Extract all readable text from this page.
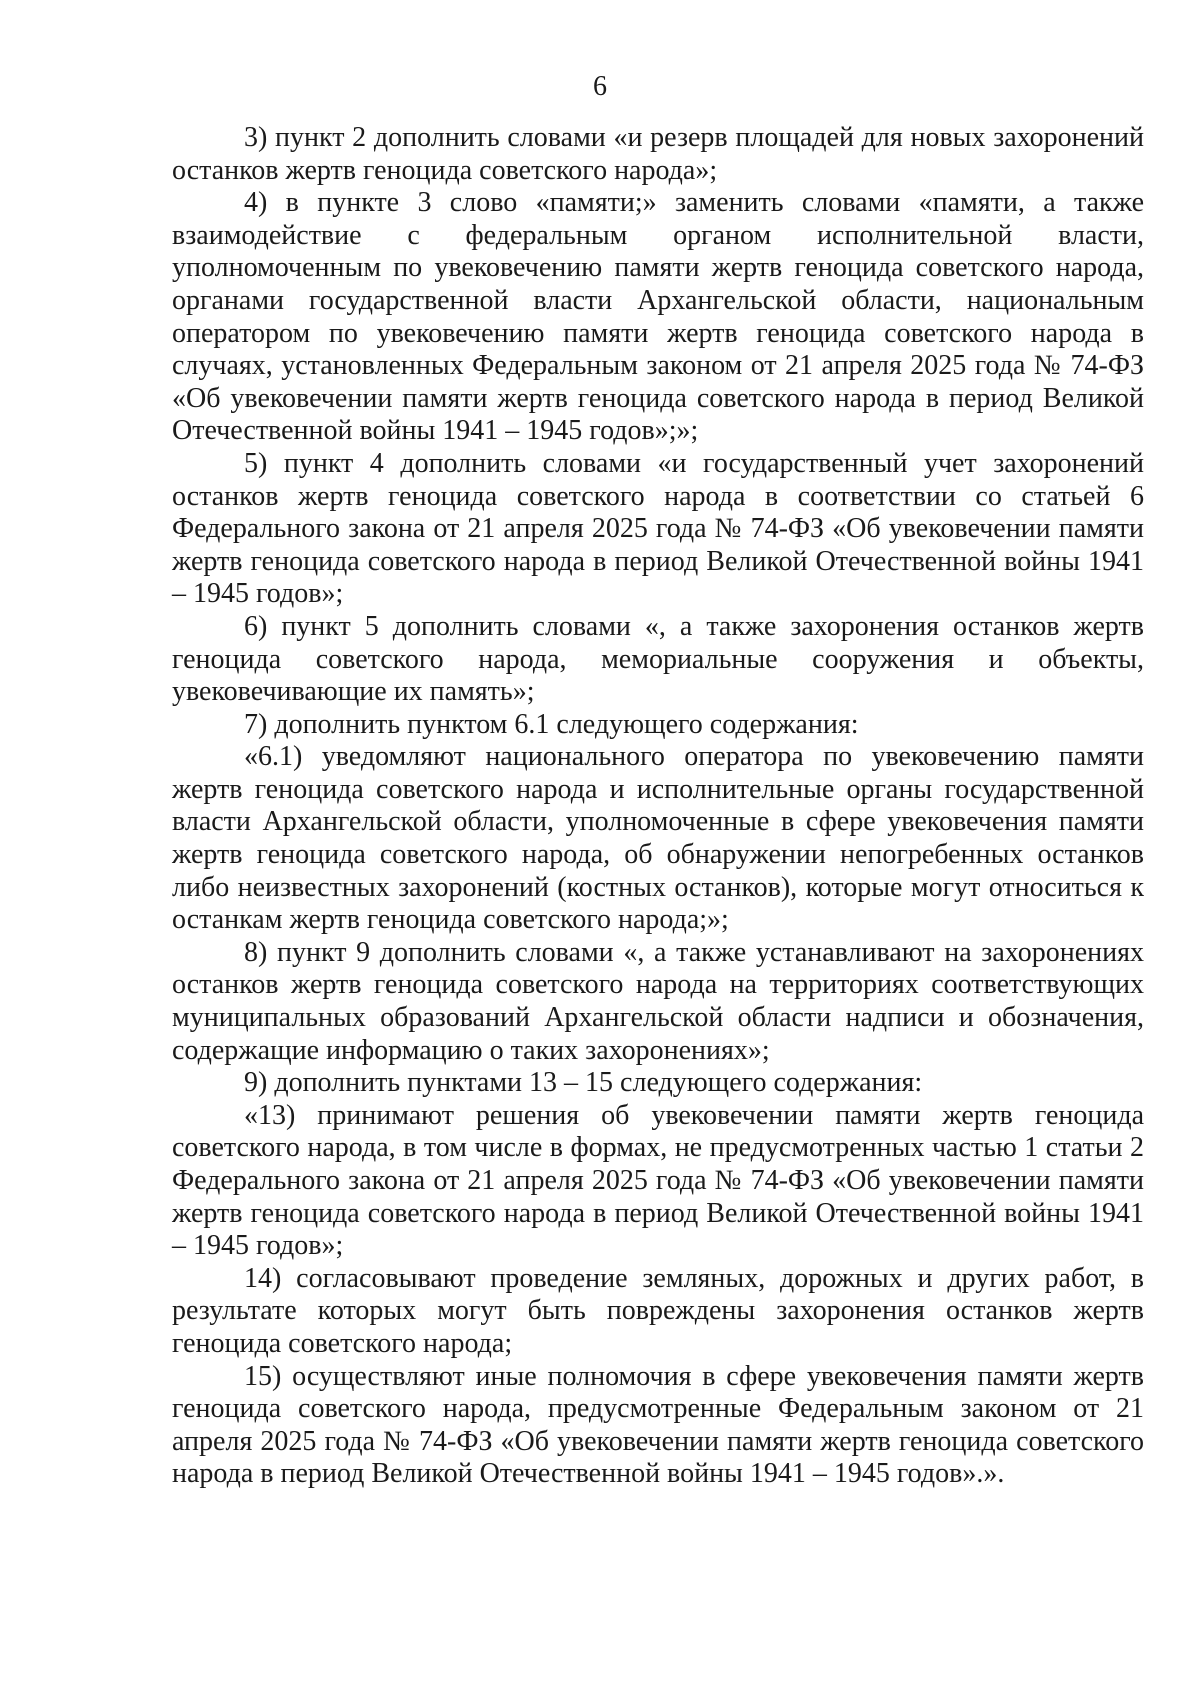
6

3) пункт 2 дополнить словами «и резерв площадей для новых захоронений останков жертв геноцида советского народа»;

4) в пункте 3 слово «памяти;» заменить словами «памяти, а также взаимодействие с федеральным органом исполнительной власти, уполномоченным по увековечению памяти жертв геноцида советского народа, органами государственной власти Архангельской области, национальным оператором по увековечению памяти жертв геноцида советского народа в случаях, установленных Федеральным законом от 21 апреля 2025 года № 74-ФЗ «Об увековечении памяти жертв геноцида советского народа в период Великой Отечественной войны 1941 – 1945 годов»;»;

5) пункт 4 дополнить словами «и государственный учет захоронений останков жертв геноцида советского народа в соответствии со статьей 6 Федерального закона от 21 апреля 2025 года № 74-ФЗ «Об увековечении памяти жертв геноцида советского народа в период Великой Отечественной войны 1941 – 1945 годов»;

6) пункт 5 дополнить словами «, а также захоронения останков жертв геноцида советского народа, мемориальные сооружения и объекты, увековечивающие их память»;

7) дополнить пунктом 6.1 следующего содержания:

«6.1) уведомляют национального оператора по увековечению памяти жертв геноцида советского народа и исполнительные органы государственной власти Архангельской области, уполномоченные в сфере увековечения памяти жертв геноцида советского народа, об обнаружении непогребенных останков либо неизвестных захоронений (костных останков), которые могут относиться к останкам жертв геноцида советского народа;»;

8) пункт 9 дополнить словами «, а также устанавливают на захоронениях останков жертв геноцида советского народа на территориях соответствующих муниципальных образований Архангельской области надписи и обозначения, содержащие информацию о таких захоронениях»;

9) дополнить пунктами 13 – 15 следующего содержания:

«13) принимают решения об увековечении памяти жертв геноцида советского народа, в том числе в формах, не предусмотренных частью 1 статьи 2 Федерального закона от 21 апреля 2025 года № 74-ФЗ «Об увековечении памяти жертв геноцида советского народа в период Великой Отечественной войны 1941 – 1945 годов»;

14) согласовывают проведение земляных, дорожных и других работ, в результате которых могут быть повреждены захоронения останков жертв геноцида советского народа;

15) осуществляют иные полномочия в сфере увековечения памяти жертв геноцида советского народа, предусмотренные Федеральным законом от 21 апреля 2025 года № 74-ФЗ «Об увековечении памяти жертв геноцида советского народа в период Великой Отечественной войны 1941 – 1945 годов».».
